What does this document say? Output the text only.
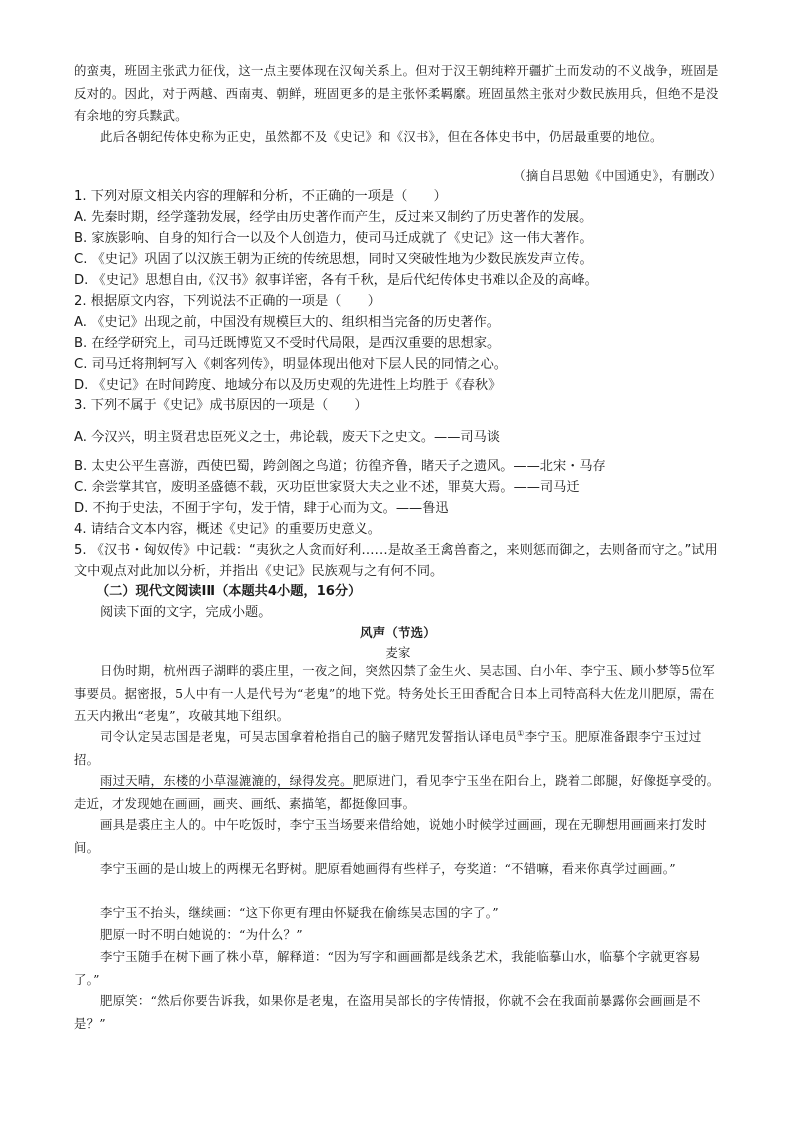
的蛮夷，班固主张武力征伐，这一点主要体现在汉匈关系上。但对于汉王朝纯粹开疆扩土而发动的不义战争，班固是反对的。因此，对于两越、西南夷、朝鲜，班固更多的是主张怀柔羁縻。班固虽然主张对少数民族用兵，但绝不是没有余地的穷兵黩武。

此后各朝纪传体史称为正史，虽然都不及《史记》和《汉书》，但在各体史书中，仍居最重要的地位。

（摘自吕思勉《中国通史》，有删改）

1. 下列对原文相关内容的理解和分析，不正确的一项是（　　）
A. 先秦时期，经学蓬勃发展，经学由历史著作而产生，反过来又制约了历史著作的发展。
B. 家族影响、自身的知行合一以及个人创造力，使司马迁成就了《史记》这一伟大著作。
C. 《史记》巩固了以汉族王朝为正统的传统思想，同时又突破性地为少数民族发声立传。
D. 《史记》思想自由,《汉书》叙事详密，各有千秋，是后代纪传体史书难以企及的高峰。
2. 根据原文内容，下列说法不正确的一项是（　　）
A. 《史记》出现之前，中国没有规模巨大的、组织相当完备的历史著作。
B. 在经学研究上，司马迁既博览又不受时代局限，是西汉重要的思想家。
C. 司马迁将荆轲写入《刺客列传》，明显体现出他对下层人民的同情之心。
D. 《史记》在时间跨度、地域分布以及历史观的先进性上均胜于《春秋》
3. 下列不属于《史记》成书原因的一项是（　　）
A. 今汉兴，明主贤君忠臣死义之士，弗论载，废天下之史文。——司马谈
B. 太史公平生喜游，西使巴蜀，跨剑阁之鸟道；彷徨齐鲁，睹天子之遗风。——北宋・马存
C. 余尝掌其官，废明圣盛德不载，灭功臣世家贤大夫之业不述，罪莫大焉。——司马迁
D. 不拘于史法，不囿于字句，发于情，肆于心而为文。——鲁迅
4. 请结合文本内容，概述《史记》的重要历史意义。
5. 《汉书・匈奴传》中记载：“夷狄之人贪而好利……是故圣王禽兽畜之，来则惩而御之，去则备而守之。”试用文中观点对此加以分析，并指出《史记》民族观与之有何不同。
（二）现代文阅读ⅠⅡ（本题共4小题，16分）
阅读下面的文字，完成小题。
风声（节选）
麦家

日伪时期，杭州西子湖畔的裘庄里，一夜之间，突然囚禁了金生火、吴志国、白小年、李宁玉、顾小梦等5位军事要员。据密报，5人中有一人是代号为“老鬼”的地下党。特务处长王田香配合日本上司特高科大佐龙川肥原，需在五天内揪出“老鬼”，攻破其地下组织。

司令认定吴志国是老鬼，可吴志国拿着枪指自己的脑子赌咒发誓指认译电员①李宁玉。肥原准备跟李宁玉过过招。

雨过天晴，东楼的小草湿漉漉的，绿得发亮。肥原进门，看见李宁玉坐在阳台上，跷着二郎腿，好像挺享受的。走近，才发现她在画画，画夹、画纸、素描笔，都挺像回事。

画具是裘庄主人的。中午吃饭时，李宁玉当场要来借给她，说她小时候学过画画，现在无聊想用画画来打发时间。

李宁玉画的是山坡上的两棵无名野树。肥原看她画得有些样子，夸奖道：“不错嘛，看来你真学过画画。”

李宁玉不抬头，继续画：“这下你更有理由怀疑我在偷练吴志国的字了。”

肥原一时不明白她说的：“为什么？”

李宁玉随手在树下画了株小草，解释道：“因为写字和画画都是线条艺术，我能临摹山水，临摹个字就更容易了。”

肥原笑：“然后你要告诉我，如果你是老鬼，在盗用吴部长的字传情报，你就不会在我面前暴露你会画画是不是？”
